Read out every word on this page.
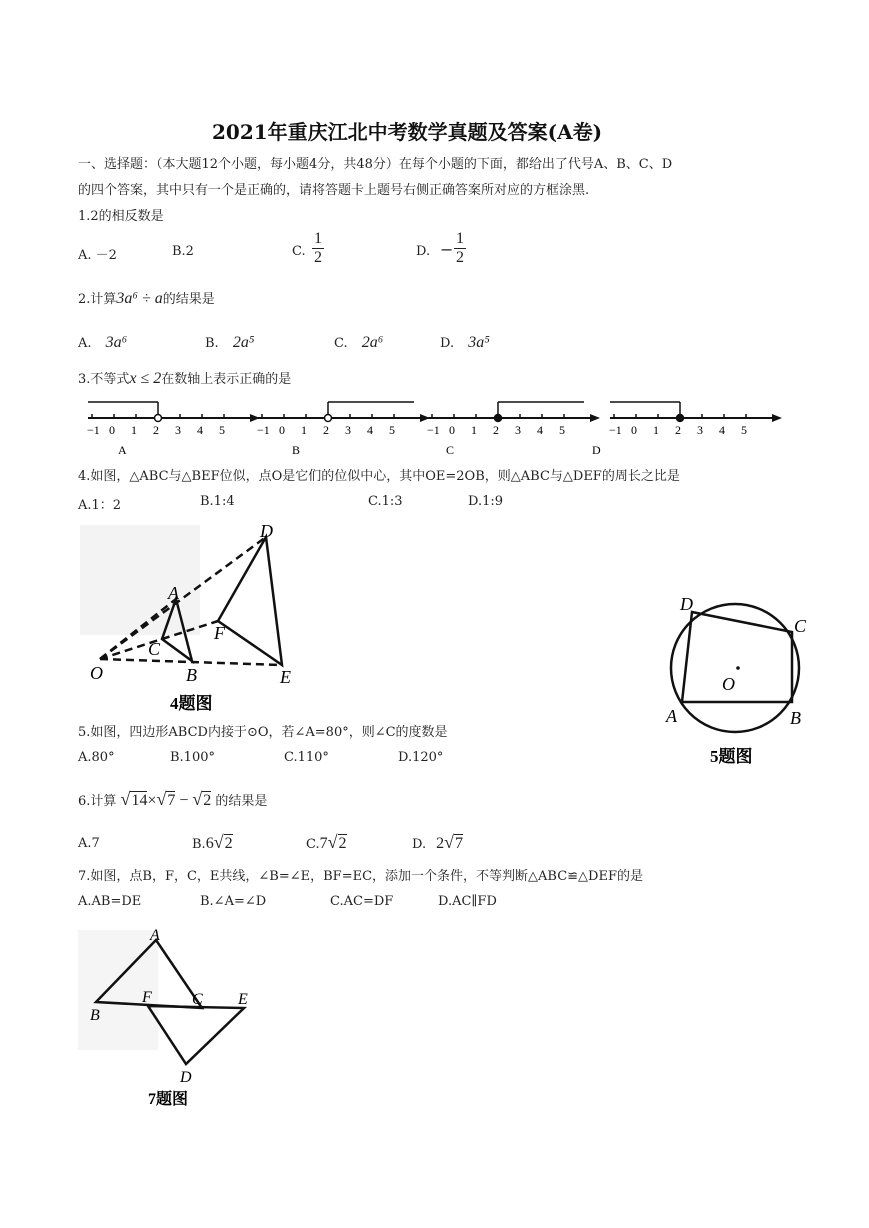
2021年重庆江北中考数学真题及答案(A卷)
一、选择题：（本大题12个小题，每小题4分，共48分）在每个小题的下面，都给出了代号A、B、C、D
的四个答案，其中只有一个是正确的，请将答题卡上题号右侧正确答案所对应的方框涂黑.
1.2的相反数是
A. －2	B.2	C. $\frac{1}{2}$	D. − $\frac{1}{2}$
2.计算3a⁶ ÷ a的结果是
A. 3a⁶	B. 2a⁵	C. 2a⁶	D. 3a⁵
3.不等式x ≤ 2在数轴上表示正确的是
−1 0 1 2 3 4 5	−1 0 1 2 3 4 5	−1 0 1 2 3 4 5	−1 0 1 2 3 4 5
A	B	C	D
4.如图，△ABC与△BEF位似，点O是它们的位似中心，其中OE=2OB，则△ABC与△DEF的周长之比是
A.1：2	B.1:4	C.1:3	D.1:9
D
A
F
C
O	B	E
4题图
D
C
O
A	B
5题图
5.如图，四边形ABCD内接于⊙O，若∠A=80°，则∠C的度数是
A.80°	B.100°	C.110°	D.120°
6.计算 √14×√7 − √2 的结果是
A.7	B.6√2	C.7√2	D. 2√7
7.如图，点B，F，C，E共线，∠B=∠E，BF=EC，添加一个条件，不等判断△ABC≌△DEF的是
A.AB=DE	B.∠A=∠D	C.AC=DF	D.AC∥FD
A
F	C E
B
D
7题图
